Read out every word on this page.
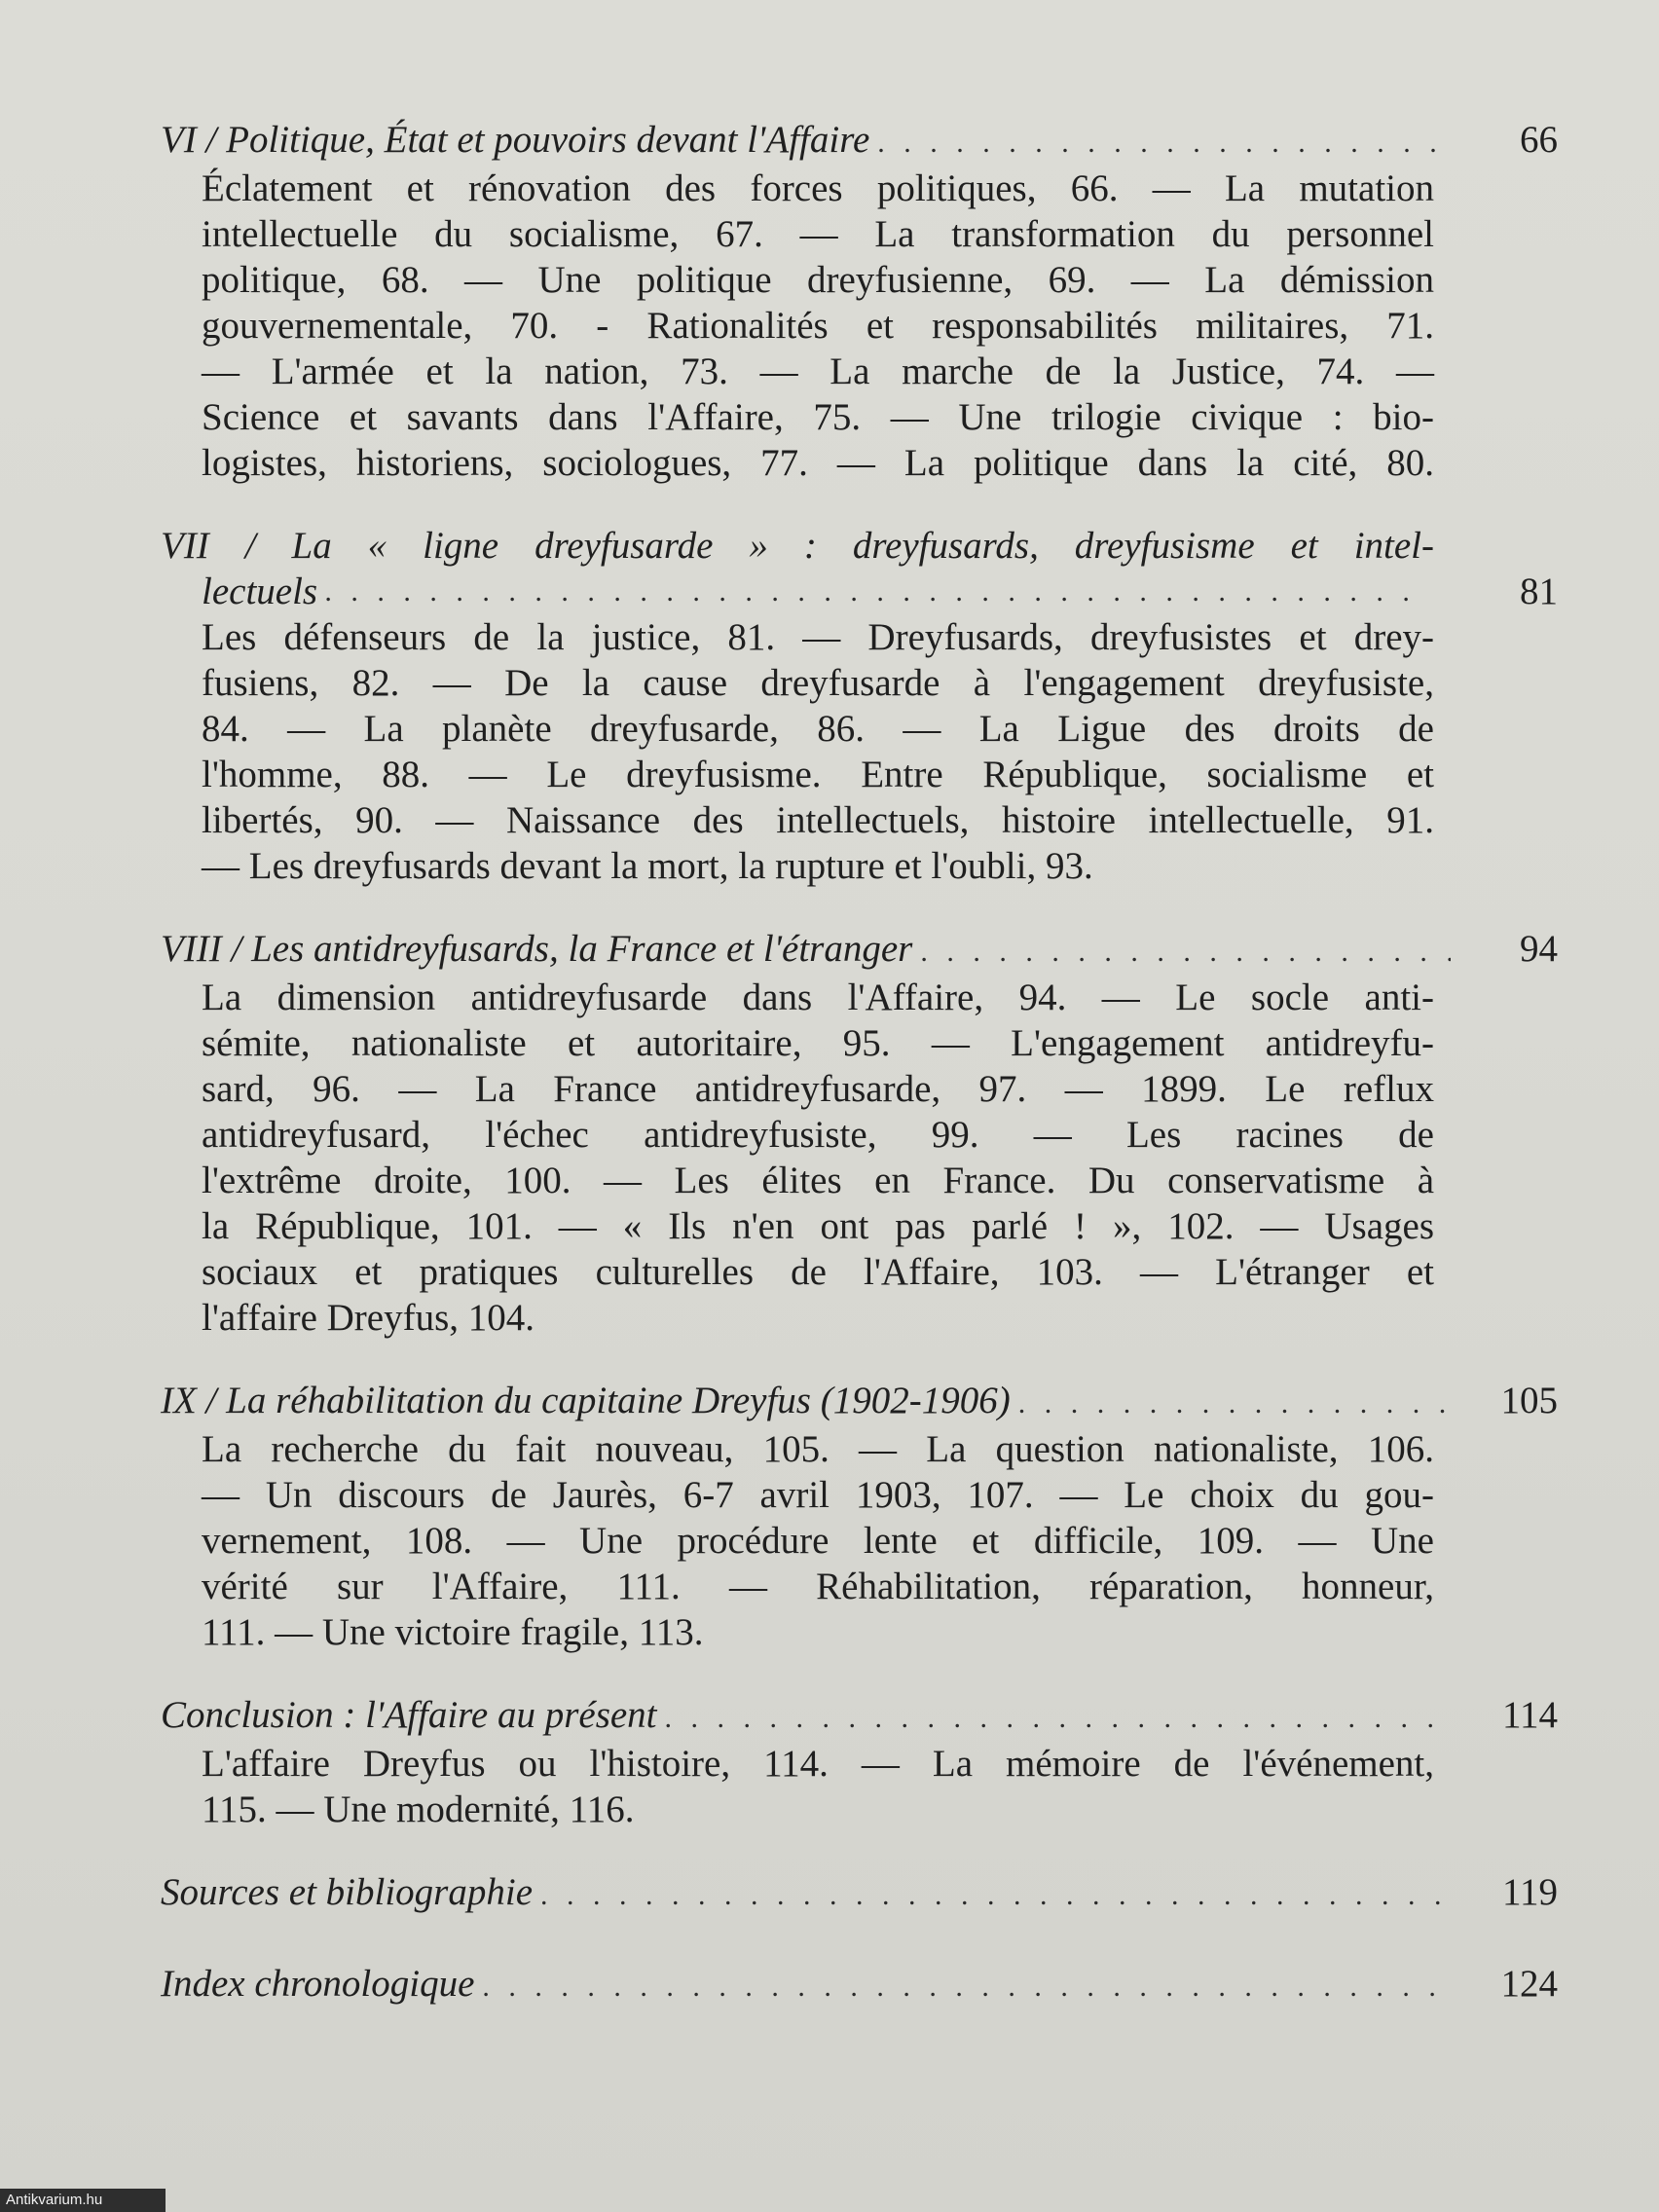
VI / Politique, État et pouvoirs devant l'Affaire . . .	66
Éclatement et rénovation des forces politiques, 66. — La mutation
intellectuelle du socialisme, 67. — La transformation du personnel
politique, 68. — Une politique dreyfusienne, 69. — La démission
gouvernementale, 70. - Rationalités et responsabilités militaires, 71.
— L'armée et la nation, 73. — La marche de la Justice, 74. —
Science et savants dans l'Affaire, 75. — Une trilogie civique : bio-
logistes, historiens, sociologues, 77. — La politique dans la cité, 80.
VII / La « ligne dreyfusarde » : dreyfusards, dreyfusisme et intel-
lectuels . . .	81
Les défenseurs de la justice, 81. — Dreyfusards, dreyfusistes et drey-
fusiens, 82. — De la cause dreyfusarde à l'engagement dreyfusiste,
84. — La planète dreyfusarde, 86. — La Ligue des droits de
l'homme, 88. — Le dreyfusisme. Entre République, socialisme et
libertés, 90. — Naissance des intellectuels, histoire intellectuelle, 91.
— Les dreyfusards devant la mort, la rupture et l'oubli, 93.
VIII / Les antidreyfusards, la France et l'étranger . . .	94
La dimension antidreyfusarde dans l'Affaire, 94. — Le socle anti-
sémite, nationaliste et autoritaire, 95. — L'engagement antidreyfu-
sard, 96. — La France antidreyfusarde, 97. — 1899. Le reflux
antidreyfusard, l'échec antidreyfusiste, 99. — Les racines de
l'extrême droite, 100. — Les élites en France. Du conservatisme à
la République, 101. — « Ils n'en ont pas parlé ! », 102. — Usages
sociaux et pratiques culturelles de l'Affaire, 103. — L'étranger et
l'affaire Dreyfus, 104.
IX / La réhabilitation du capitaine Dreyfus (1902-1906) . . .	105
La recherche du fait nouveau, 105. — La question nationaliste, 106.
— Un discours de Jaurès, 6-7 avril 1903, 107. — Le choix du gou-
vernement, 108. — Une procédure lente et difficile, 109. — Une
vérité sur l'Affaire, 111. — Réhabilitation, réparation, honneur,
111. — Une victoire fragile, 113.
Conclusion : l'Affaire au présent . . .	114
L'affaire Dreyfus ou l'histoire, 114. — La mémoire de l'événement,
115. — Une modernité, 116.
Sources et bibliographie . . .	119
Index chronologique . . .	124
Antikvarium.hu
